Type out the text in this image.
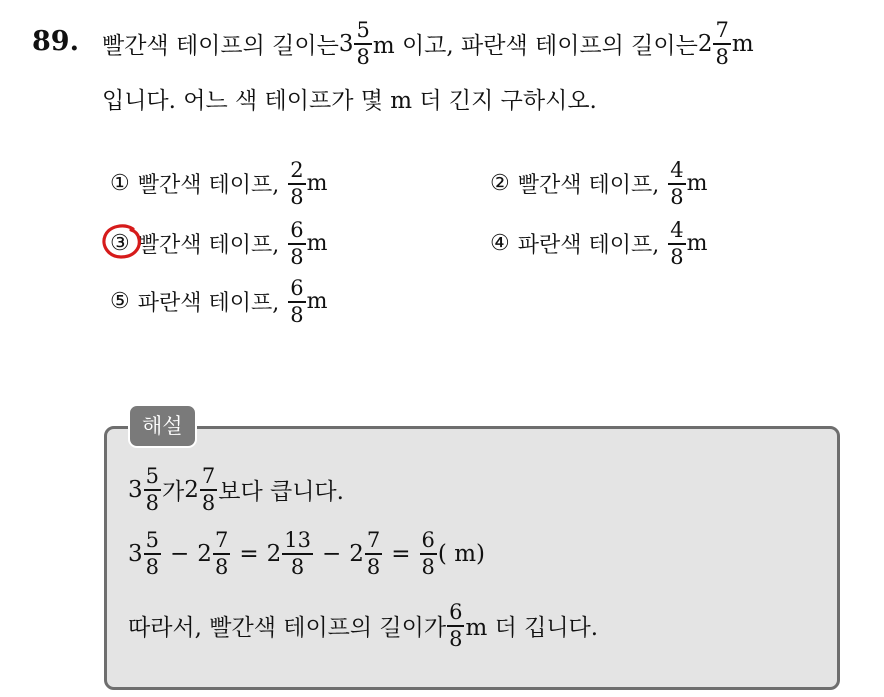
89. 빨간색 테이프의 길이는 $3 \frac{5}{8}$ m 이고, 파란색 테이프의 길이는 $2 \frac{7}{8}$ m
입니다. 어느 색 테이프가 몇 m 더 긴지 구하시오.
① 빨간색 테이프, $\frac{2}{8}$ m	② 빨간색 테이프, $\frac{4}{8}$ m
③ 빨간색 테이프, $\frac{6}{8}$ m	④ 파란색 테이프, $\frac{4}{8}$ m
⑤ 파란색 테이프, $\frac{6}{8}$ m
해설
$3 \frac{5}{8}$ 가 $2 \frac{7}{8}$ 보다 큽니다.
$3 \frac{5}{8} - 2 \frac{7}{8} = 2 \frac{13}{8} - 2 \frac{7}{8} = \frac{6}{8}$ ( m)
따라서, 빨간색 테이프의 길이가 $\frac{6}{8}$ m 더 깁니다.
